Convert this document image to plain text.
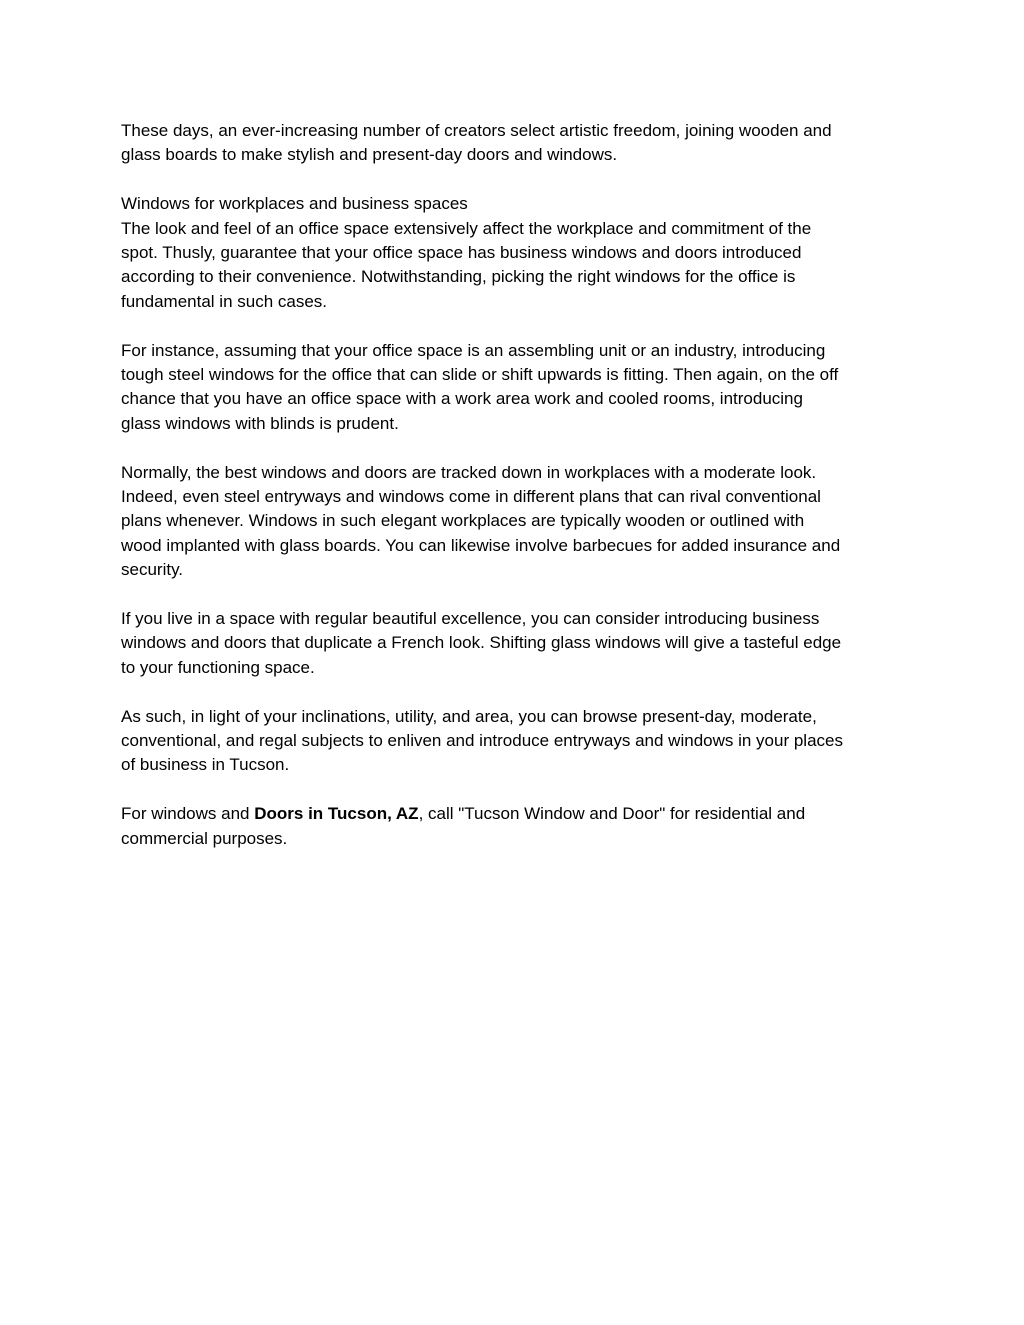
These days, an ever-increasing number of creators select artistic freedom, joining wooden and
glass boards to make stylish and present-day doors and windows.

Windows for workplaces and business spaces
The look and feel of an office space extensively affect the workplace and commitment of the
spot. Thusly, guarantee that your office space has business windows and doors introduced
according to their convenience. Notwithstanding, picking the right windows for the office is
fundamental in such cases.

For instance, assuming that your office space is an assembling unit or an industry, introducing
tough steel windows for the office that can slide or shift upwards is fitting. Then again, on the off
chance that you have an office space with a work area work and cooled rooms, introducing
glass windows with blinds is prudent.

Normally, the best windows and doors are tracked down in workplaces with a moderate look.
Indeed, even steel entryways and windows come in different plans that can rival conventional
plans whenever. Windows in such elegant workplaces are typically wooden or outlined with
wood implanted with glass boards. You can likewise involve barbecues for added insurance and
security.

If you live in a space with regular beautiful excellence, you can consider introducing business
windows and doors that duplicate a French look. Shifting glass windows will give a tasteful edge
to your functioning space.

As such, in light of your inclinations, utility, and area, you can browse present-day, moderate,
conventional, and regal subjects to enliven and introduce entryways and windows in your places
of business in Tucson.

For windows and Doors in Tucson, AZ, call "Tucson Window and Door" for residential and
commercial purposes.
